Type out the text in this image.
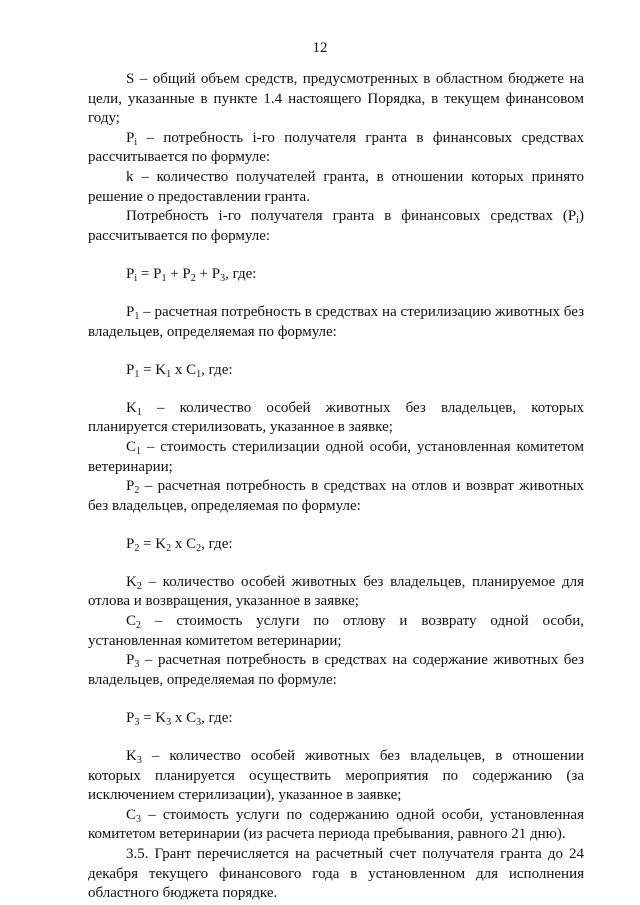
12

S – общий объем средств, предусмотренных в областном бюджете на цели, указанные в пункте 1.4 настоящего Порядка, в текущем финансовом году;

$P_i$ – потребность i-го получателя гранта в финансовых средствах рассчитывается по формуле:

k – количество получателей гранта, в отношении которых принято решение о предоставлении гранта.

Потребность i-го получателя гранта в финансовых средствах $(P_i)$ рассчитывается по формуле:

$P_i = P_1 + P_2 + P_3$, где:

$P_1$ – расчетная потребность в средствах на стерилизацию животных без владельцев, определяемая по формуле:

$P_1 = K_1$ x $C_1$, где:

$K_1$ – количество особей животных без владельцев, которых планируется стерилизовать, указанное в заявке;

$C_1$ – стоимость стерилизации одной особи, установленная комитетом ветеринарии;

$P_2$ – расчетная потребность в средствах на отлов и возврат животных без владельцев, определяемая по формуле:

$P_2 = K_2$ x $C_2$, где:

$K_2$ – количество особей животных без владельцев, планируемое для отлова и возвращения, указанное в заявке;

$C_2$ – стоимость услуги по отлову и возврату одной особи, установленная комитетом ветеринарии;

$P_3$ – расчетная потребность в средствах на содержание животных без владельцев, определяемая по формуле:

$P_3 = K_3$ x $C_3$, где:

$K_3$ – количество особей животных без владельцев, в отношении которых планируется осуществить мероприятия по содержанию (за исключением стерилизации), указанное в заявке;

$C_3$ – стоимость услуги по содержанию одной особи, установленная комитетом ветеринарии (из расчета периода пребывания, равного 21 дню).

3.5. Грант перечисляется на расчетный счет получателя гранта до 24 декабря текущего финансового года в установленном для исполнения областного бюджета порядке.
